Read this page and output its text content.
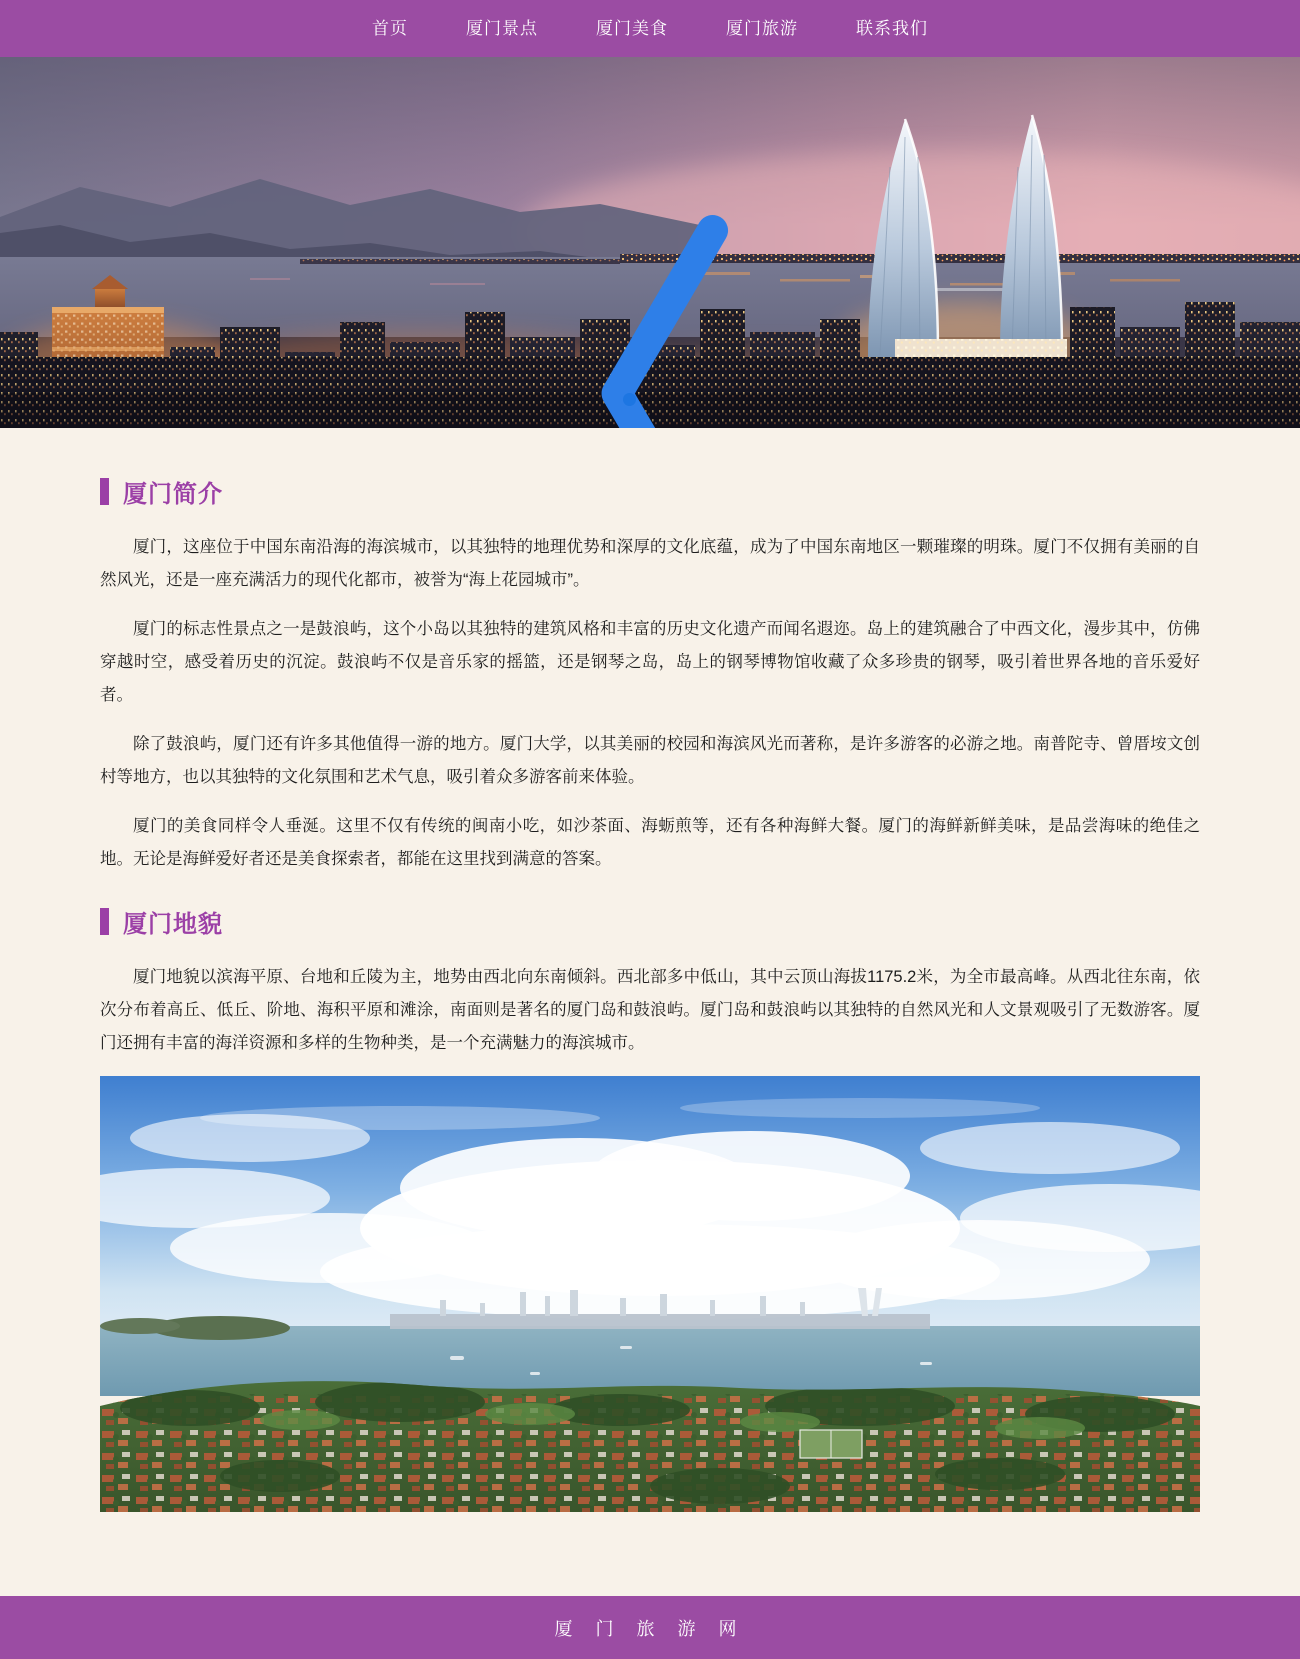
首页	厦门景点	厦门美食	厦门旅游	联系我们
厦门简介

厦门，这座位于中国东南沿海的海滨城市，以其独特的地理优势和深厚的文化底蕴，成为了中国东南地区一颗璀璨的明珠。厦门不仅拥有美丽的自然风光，还是一座充满活力的现代化都市，被誉为“海上花园城市”。

厦门的标志性景点之一是鼓浪屿，这个小岛以其独特的建筑风格和丰富的历史文化遗产而闻名遐迩。岛上的建筑融合了中西文化，漫步其中，仿佛穿越时空，感受着历史的沉淀。鼓浪屿不仅是音乐家的摇篮，还是钢琴之岛，岛上的钢琴博物馆收藏了众多珍贵的钢琴，吸引着世界各地的音乐爱好者。

除了鼓浪屿，厦门还有许多其他值得一游的地方。厦门大学，以其美丽的校园和海滨风光而著称，是许多游客的必游之地。南普陀寺、曾厝垵文创村等地方，也以其独特的文化氛围和艺术气息，吸引着众多游客前来体验。

厦门的美食同样令人垂涎。这里不仅有传统的闽南小吃，如沙茶面、海蛎煎等，还有各种海鲜大餐。厦门的海鲜新鲜美味，是品尝海味的绝佳之地。无论是海鲜爱好者还是美食探索者，都能在这里找到满意的答案。

厦门地貌

厦门地貌以滨海平原、台地和丘陵为主，地势由西北向东南倾斜。西北部多中低山，其中云顶山海拔1175.2米，为全市最高峰。从西北往东南，依次分布着高丘、低丘、阶地、海积平原和滩涂，南面则是著名的厦门岛和鼓浪屿。厦门岛和鼓浪屿以其独特的自然风光和人文景观吸引了无数游客。厦门还拥有丰富的海洋资源和多样的生物种类，是一个充满魅力的海滨城市。

厦 门 旅 游 网
